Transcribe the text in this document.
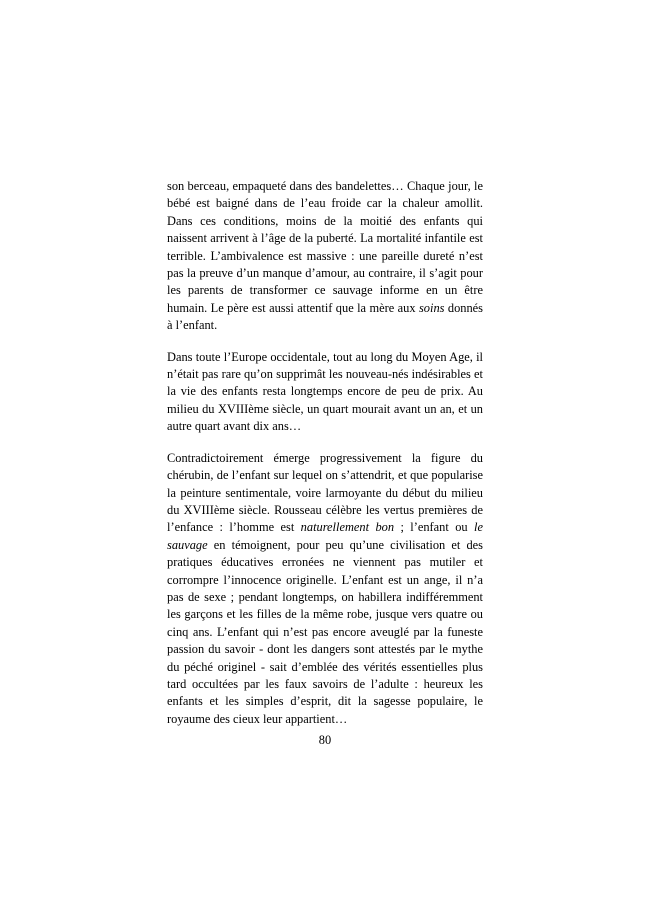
son berceau, empaqueté dans des bandelettes… Chaque jour, le bébé est baigné dans de l’eau froide car la chaleur amollit. Dans ces conditions, moins de la moitié des enfants qui naissent arrivent à l’âge de la puberté. La mortalité infantile est terrible. L’ambivalence est massive : une pareille dureté n’est pas la preuve d’un manque d’amour, au contraire, il s’agit pour les parents de transformer ce sauvage informe en un être humain. Le père est aussi attentif que la mère aux soins donnés à l’enfant.

Dans toute l’Europe occidentale, tout au long du Moyen Age, il n’était pas rare qu’on supprimât les nouveau-nés indésirables et la vie des enfants resta longtemps encore de peu de prix. Au milieu du XVIIIème siècle, un quart mourait avant un an, et un autre quart avant dix ans…

Contradictoirement émerge progressivement la figure du chérubin, de l’enfant sur lequel on s’attendrit, et que popularise la peinture sentimentale, voire larmoyante du début du milieu du XVIIIème siècle. Rousseau célèbre les vertus premières de l’enfance : l’homme est naturellement bon ; l’enfant ou le sauvage en témoignent, pour peu qu’une civilisation et des pratiques éducatives erronées ne viennent pas mutiler et corrompre l’innocence originelle. L’enfant est un ange, il n’a pas de sexe ; pendant longtemps, on habillera indifféremment les garçons et les filles de la même robe, jusque vers quatre ou cinq ans. L’enfant qui n’est pas encore aveuglé par la funeste passion du savoir - dont les dangers sont attestés par le mythe du péché originel - sait d’emblée des vérités essentielles plus tard occultées par les faux savoirs de l’adulte : heureux les enfants et les simples d’esprit, dit la sagesse populaire, le royaume des cieux leur appartient…

80
